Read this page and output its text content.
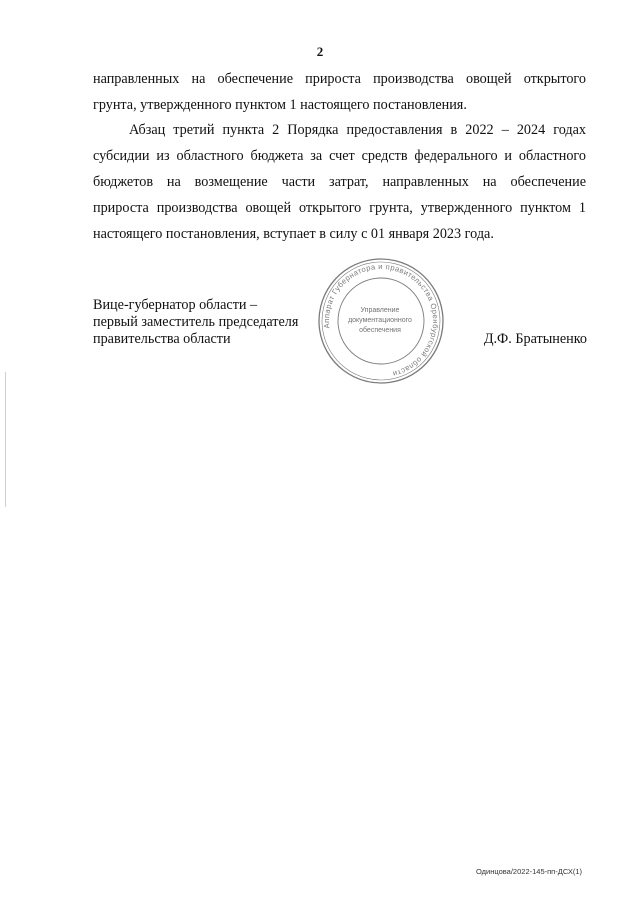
2
направленных на обеспечение прироста производства овощей открытого
грунта, утвержденного пунктом 1 настоящего постановления.
Абзац третий пункта 2 Порядка предоставления в 2022 – 2024 годах
субсидии из областного бюджета за счет средств федерального и областного
бюджетов на возмещение части затрат, направленных на обеспечение
прироста производства овощей открытого грунта, утвержденного пунктом 1
настоящего постановления, вступает в силу с 01 января 2023 года.
Вице-губернатор области –
первый заместитель председателя
правительства области
Аппарат Губернатора и правительства Оренбургской области
Управление
документационного
обеспечения
Д.Ф. Братыненко
Одинцова/2022-145-пп-ДСХ(1)
